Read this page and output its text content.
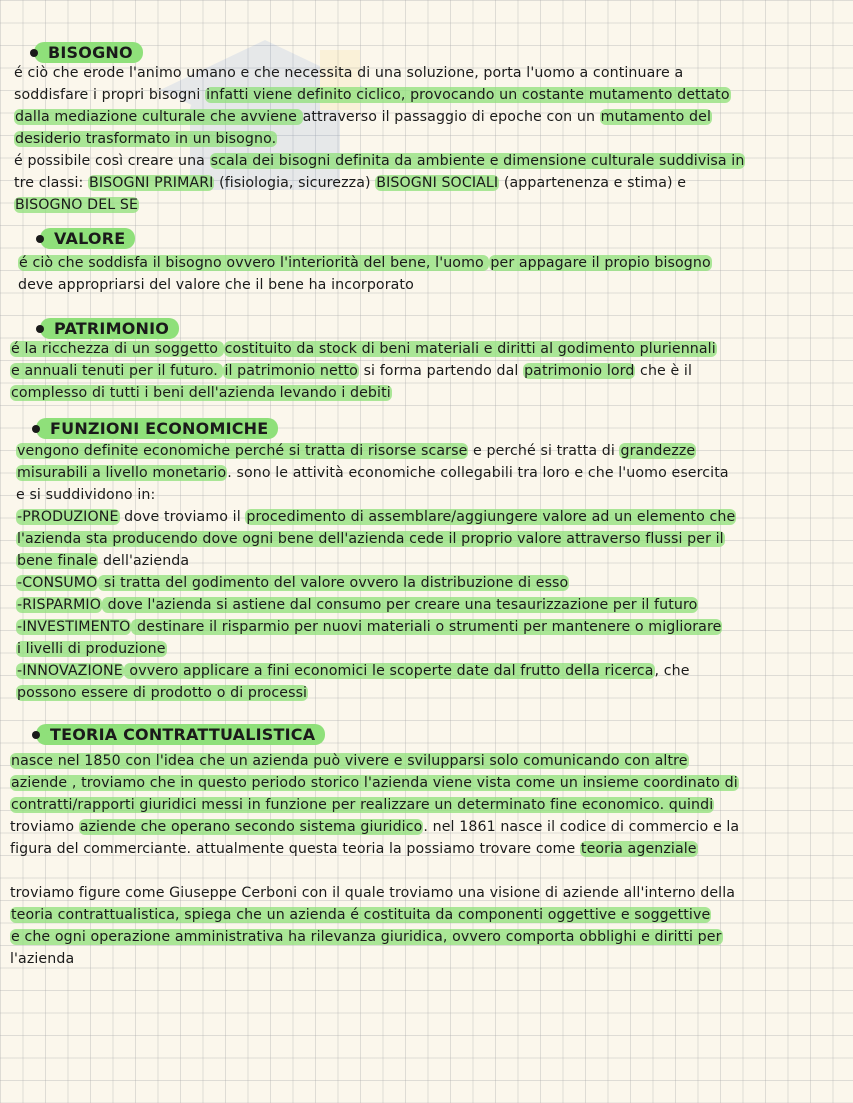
BISOGNO
é ciò che erode l'animo umano e che necessita di una soluzione, porta l'uomo a continuare a
soddisfare i propri bisogni infatti viene definito ciclico, provocando un costante mutamento dettato
dalla mediazione culturale che avviene attraverso il passaggio di epoche con un mutamento del
desiderio trasformato in un bisogno.
é possibile così creare una scala dei bisogni definita da ambiente e dimensione culturale suddivisa in
tre classi: BISOGNI PRIMARI (fisiologia, sicurezza) BISOGNI SOCIALI (appartenenza e stima) e
BISOGNO DEL SE
VALORE
é ciò che soddisfa il bisogno ovvero l'interiorità del bene, l'uomo per appagare il propio bisogno
deve appropriarsi del valore che il bene ha incorporato
PATRIMONIO
é la ricchezza di un soggetto costituito da stock di beni materiali e diritti al godimento pluriennali
e annuali tenuti per il futuro. il patrimonio netto si forma partendo dal patrimonio lord che è il
complesso di tutti i beni dell'azienda levando i debiti
FUNZIONI ECONOMICHE
vengono definite economiche perché si tratta di risorse scarse e perché si tratta di grandezze
misurabili a livello monetario. sono le attività economiche collegabili tra loro e che l'uomo esercita
e si suddividono in:
-PRODUZIONE dove troviamo il procedimento di assemblare/aggiungere valore ad un elemento che
l'azienda sta producendo dove ogni bene dell'azienda cede il proprio valore attraverso flussi per il
bene finale dell'azienda
-CONSUMO si tratta del godimento del valore ovvero la distribuzione di esso
-RISPARMIO dove l'azienda si astiene dal consumo per creare una tesaurizzazione per il futuro
-INVESTIMENTO destinare il risparmio per nuovi materiali o strumenti per mantenere o migliorare
i livelli di produzione
-INNOVAZIONE ovvero applicare a fini economici le scoperte date dal frutto della ricerca, che
possono essere di prodotto o di processi
TEORIA CONTRATTUALISTICA
nasce nel 1850 con l'idea che un azienda può vivere e svilupparsi solo comunicando con altre
aziende , troviamo che in questo periodo storico l'azienda viene vista come un insieme coordinato di
contratti/rapporti giuridici messi in funzione per realizzare un determinato fine economico. quindi
troviamo aziende che operano secondo sistema giuridico. nel 1861 nasce il codice di commercio e la
figura del commerciante. attualmente questa teoria la possiamo trovare come teoria agenziale
troviamo figure come Giuseppe Cerboni con il quale troviamo una visione di aziende all'interno della
teoria contrattualistica, spiega che un azienda é costituita da componenti oggettive e soggettive
e che ogni operazione amministrativa ha rilevanza giuridica, ovvero comporta obblighi e diritti per
l'azienda
